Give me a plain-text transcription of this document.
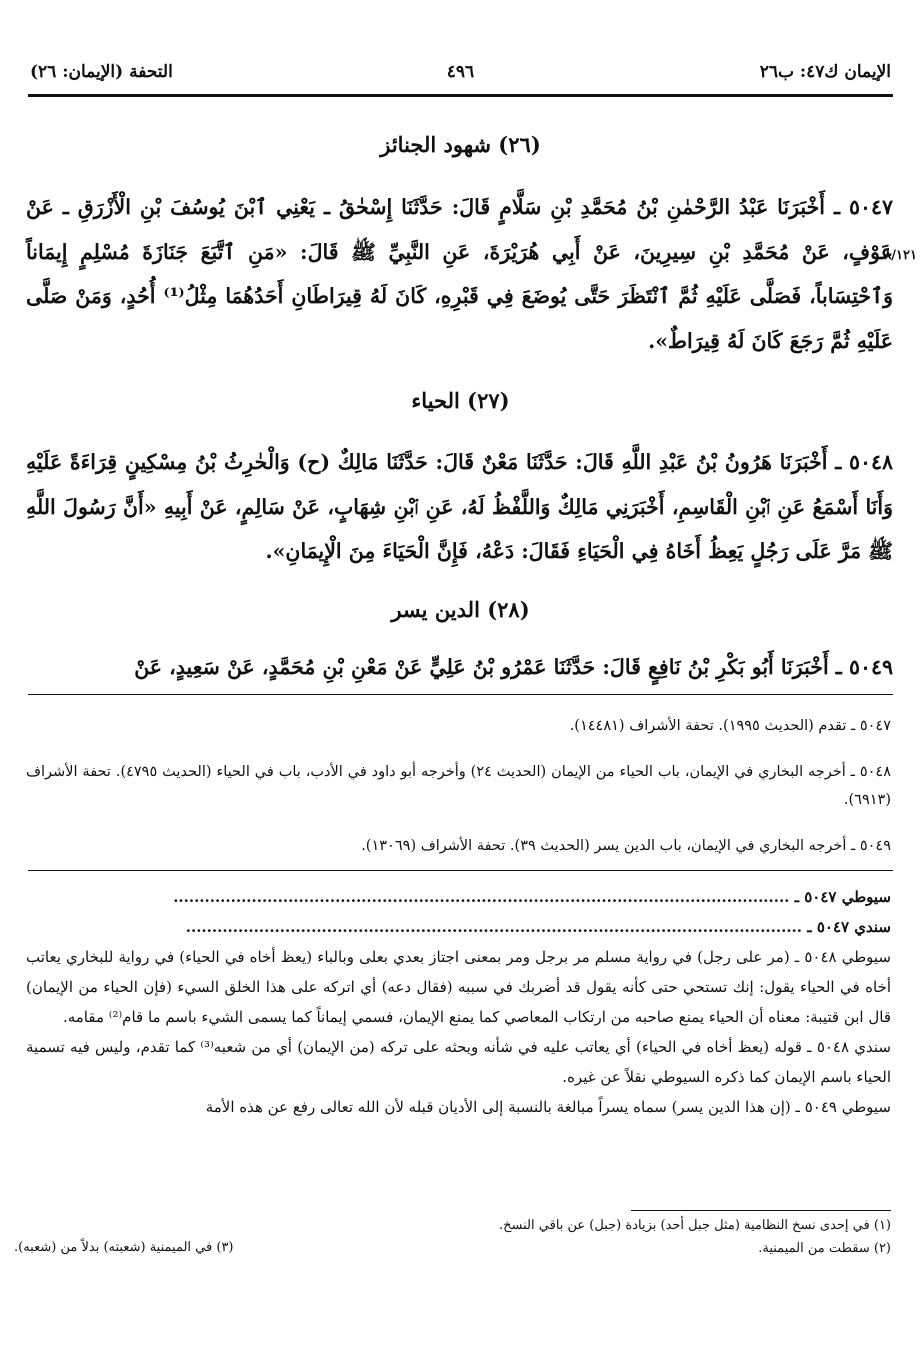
الإيمان ك٤٧: ب٢٦
٤٩٦
التحفة (الإيمان: ٢٦)
(٢٦) شهود الجنائز
٥٠٤٧ ـ أَخْبَرَنَا عَبْدُ الرَّحْمٰنِ بْنُ مُحَمَّدِ بْنِ سَلَّامٍ قَالَ: حَدَّثَنَا إِسْحٰقُ ـ يَعْنِي ٱبْنَ يُوسُفَ بْنِ الْأَزْرَقِ ـ عَنْ عَوْفٍ، عَنْ مُحَمَّدِ بْنِ سِيرِينَ، عَنْ أَبِي هُرَيْرَةَ، عَنِ النَّبِيِّ ﷺ قَالَ: «مَنِ ٱتَّبَعَ جَنَازَةَ مُسْلِمٍ إِيمَاناً وَٱحْتِسَاباً، فَصَلَّى عَلَيْهِ ثُمَّ ٱنْتَظَرَ حَتَّى يُوضَعَ فِي قَبْرِهِ، كَانَ لَهُ قِيرَاطَانِ أَحَدُهُمَا مِثْلُ⁽¹⁾ أُحُدٍ، وَمَنْ صَلَّى عَلَيْهِ ثُمَّ رَجَعَ كَانَ لَهُ قِيرَاطٌ».
٨/١٢١
(٢٧) الحياء
٥٠٤٨ ـ أَخْبَرَنَا هَرُونُ بْنُ عَبْدِ اللَّهِ قَالَ: حَدَّثَنَا مَعْنٌ قَالَ: حَدَّثَنَا مَالِكٌ (ح) وَالْحٰرِثُ بْنُ مِسْكِينٍ قِرَاءَةً عَلَيْهِ وَأَنَا أَسْمَعُ عَنِ ٱبْنِ الْقَاسِمِ، أَخْبَرَنِي مَالِكٌ وَاللَّفْظُ لَهُ، عَنِ ٱبْنِ شِهَابٍ، عَنْ سَالِمٍ، عَنْ أَبِيهِ «أَنَّ رَسُولَ اللَّهِ ﷺ مَرَّ عَلَى رَجُلٍ يَعِظُ أَخَاهُ فِي الْحَيَاءِ فَقَالَ: دَعْهُ، فَإِنَّ الْحَيَاءَ مِنَ الْإِيمَانِ».
(٢٨) الدين يسر
٥٠٤٩ ـ أَخْبَرَنَا أَبُو بَكْرِ بْنُ نَافِعٍ قَالَ: حَدَّثَنَا عَمْرُو بْنُ عَلِيٍّ عَنْ مَعْنِ بْنِ مُحَمَّدٍ، عَنْ سَعِيدٍ، عَنْ
٥٠٤٧ ـ تقدم (الحديث ١٩٩٥). تحفة الأشراف (١٤٤٨١).
٥٠٤٨ ـ أخرجه البخاري في الإيمان، باب الحياء من الإيمان (الحديث ٢٤) وأخرجه أبو داود في الأدب، باب في الحياء (الحديث ٤٧٩٥). تحفة الأشراف (٦٩١٣).
٥٠٤٩ ـ أخرجه البخاري في الإيمان، باب الدين يسر (الحديث ٣٩). تحفة الأشراف (١٣٠٦٩).

سيوطي ٥٠٤٧ ـ ......................................................................................................................

سندي ٥٠٤٧ ـ ......................................................................................................................

سيوطي ٥٠٤٨ ـ (مر على رجل) في رواية مسلم مر برجل ومر بمعنى اجتاز بعدي بعلى وبالباء (يعظ أخاه في الحياء) في رواية للبخاري يعاتب أخاه في الحياء يقول: إنك تستحي حتى كأنه يقول قد أضربك في سببه (فقال دعه) أي اتركه على هذا الخلق السيء (فإن الحياء من الإيمان) قال ابن قتيبة: معناه أن الحياء يمنع صاحبه من ارتكاب المعاصي كما يمنع الإيمان، فسمي إيماناً كما يسمى الشيء باسم ما قام⁽²⁾ مقامه.

سندي ٥٠٤٨ ـ قوله (يعظ أخاه في الحياء) أي يعاتب عليه في شأنه ويحثه على تركه (من الإيمان) أي من شعبه⁽³⁾ كما تقدم، وليس فيه تسمية الحياء باسم الإيمان كما ذكره السيوطي نقلاً عن غيره.

سيوطي ٥٠٤٩ ـ (إن هذا الدين يسر) سماه يسراً مبالغة بالنسبة إلى الأديان قبله لأن الله تعالى رفع عن هذه الأمة

(١) في إحدى نسخ النظامية (مثل جبل أحد) بزيادة (جبل) عن باقي النسخ.

(٢) سقطت من الميمنية.

(٣) في الميمنية (شعبته) بدلاً من (شعبه).
